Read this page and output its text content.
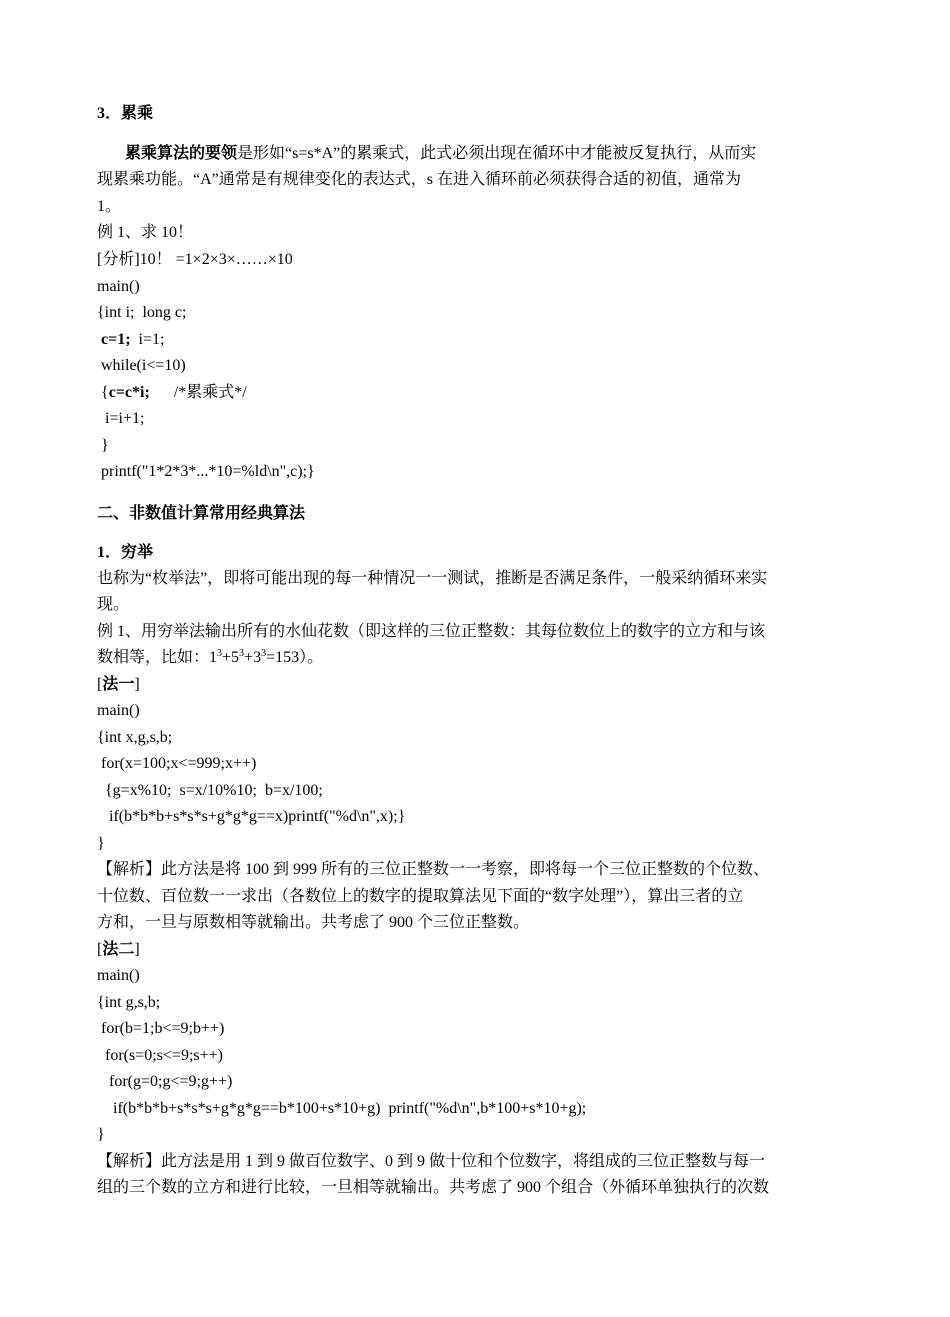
3．累乘
累乘算法的要领是形如“s=s*A”的累乘式，此式必须出现在循环中才能被反复执行，从而实
现累乘功能。“A”通常是有规律变化的表达式，s 在进入循环前必须获得合适的初值，通常为
1。
例 1、求 10！
[分析]10！ =1×2×3×……×10
main()
{int i;  long c;
c=1;  i=1;
while(i<=10)
{c=c*i;      /*累乘式*/
i=i+1;
}
printf("1*2*3*...*10=%ld\n",c);}
二、非数值计算常用经典算法
1．穷举
也称为“枚举法”，即将可能出现的每一种情况一一测试，推断是否满足条件，一般采纳循环来实
现。
例 1、用穷举法输出所有的水仙花数（即这样的三位正整数：其每位数位上的数字的立方和与该
数相等，比如：$1^3+5^3+3^3=153$）。
[法一]
main()
{int x,g,s,b;
for(x=100;x<=999;x++)
{g=x%10;  s=x/10%10;  b=x/100;
if(b*b*b+s*s*s+g*g*g==x)printf("%d\n",x);}
}
【解析】此方法是将 100 到 999 所有的三位正整数一一考察，即将每一个三位正整数的个位数、
十位数、百位数一一求出（各数位上的数字的提取算法见下面的“数字处理”），算出三者的立
方和，一旦与原数相等就输出。共考虑了 900 个三位正整数。
[法二]
main()
{int g,s,b;
for(b=1;b<=9;b++)
for(s=0;s<=9;s++)
for(g=0;g<=9;g++)
if(b*b*b+s*s*s+g*g*g==b*100+s*10+g)  printf("%d\n",b*100+s*10+g);
}
【解析】此方法是用 1 到 9 做百位数字、0 到 9 做十位和个位数字，将组成的三位正整数与每一
组的三个数的立方和进行比较，一旦相等就输出。共考虑了 900 个组合（外循环单独执行的次数
